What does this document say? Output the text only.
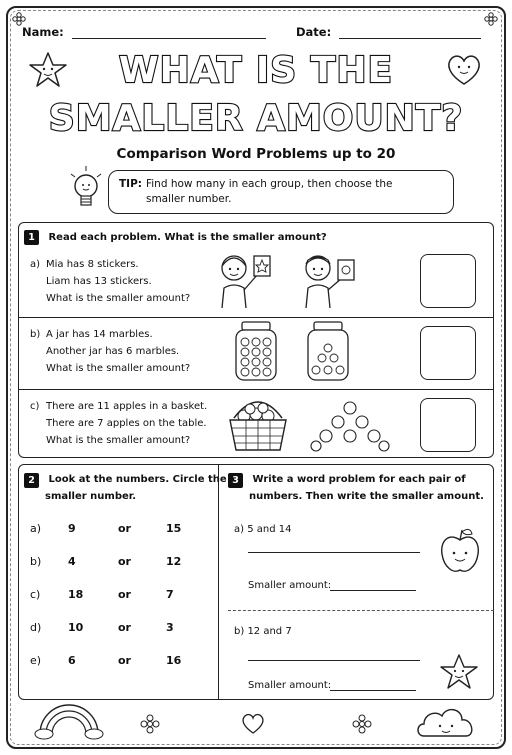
Name:	Date:
WHAT IS THE
SMALLER AMOUNT?
Comparison Word Problems up to 20
TIP: Find how many in each group, then choose the
smaller number.
1 Read each problem. What is the smaller amount?
a) Mia has 8 stickers.
Liam has 13 stickers.
What is the smaller amount?
b) A jar has 14 marbles.
Another jar has 6 marbles.
What is the smaller amount?
c) There are 11 apples in a basket.
There are 7 apples on the table.
What is the smaller amount?
2 Look at the numbers. Circle the
smaller number.
a) 9	or	15
b) 4	or	12
c)	18	or	7
d) 10	or	3
e) 6	or	16
3 Write a word problem for each pair of
numbers. Then write the smaller amount.
a) 5 and 14
Smaller amount:
b) 12 and 7
Smaller amount:
